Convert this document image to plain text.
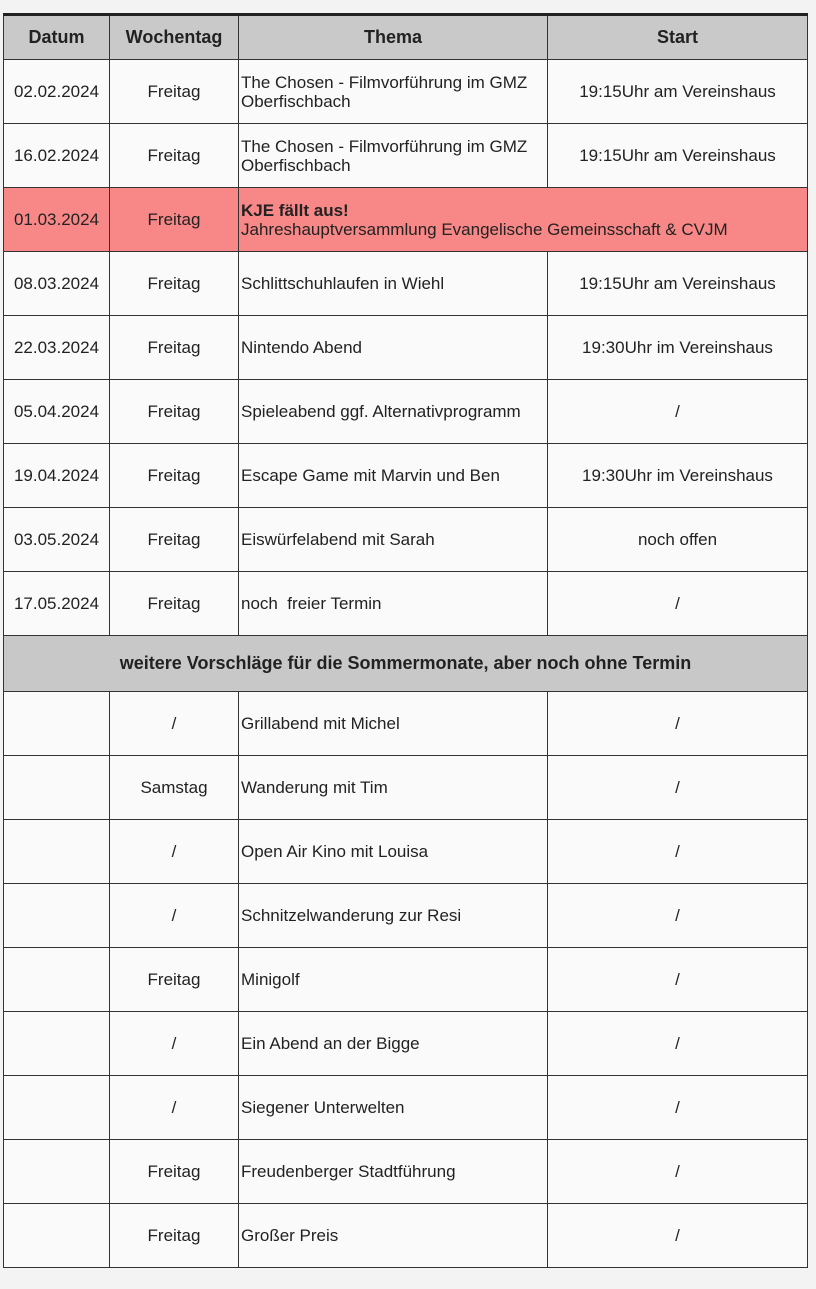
Datum	Wochentag	Thema	Start
02.02.2024	Freitag	The Chosen - Filmvorführung im GMZ Oberfischbach	19:15Uhr am Vereinshaus
16.02.2024	Freitag	The Chosen - Filmvorführung im GMZ Oberfischbach	19:15Uhr am Vereinshaus
01.03.2024	Freitag	KJE fällt aus!
Jahreshauptversammlung Evangelische Gemeinsschaft & CVJM	
08.03.2024	Freitag	Schlittschuhlaufen in Wiehl	19:15Uhr am Vereinshaus
22.03.2024	Freitag	Nintendo Abend	19:30Uhr im Vereinshaus
05.04.2024	Freitag	Spieleabend ggf. Alternativprogramm	/
19.04.2024	Freitag	Escape Game mit Marvin und Ben	19:30Uhr im Vereinshaus
03.05.2024	Freitag	Eiswürfelabend mit Sarah	noch offen
17.05.2024	Freitag	noch  freier Termin	/
weitere Vorschläge für die Sommermonate, aber noch ohne Termin			
	/	Grillabend mit Michel	/
	Samstag	Wanderung mit Tim	/
	/	Open Air Kino mit Louisa	/
	/	Schnitzelwanderung zur Resi	/
	Freitag	Minigolf	/
	/	Ein Abend an der Bigge	/
	/	Siegener Unterwelten	/
	Freitag	Freudenberger Stadtführung	/
	Freitag	Großer Preis	/
